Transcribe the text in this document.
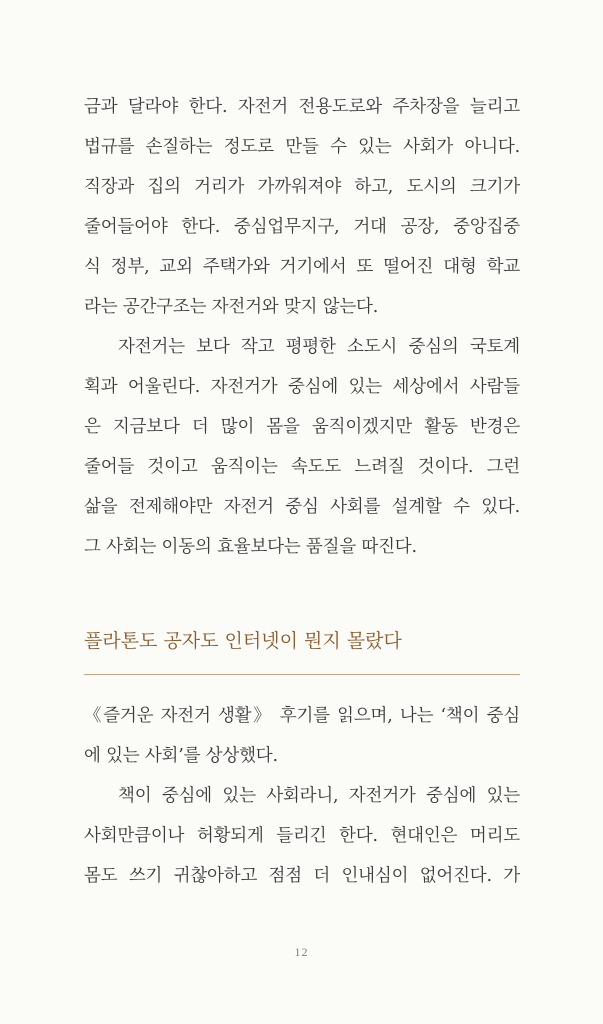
금과 달라야 한다. 자전거 전용도로와 주차장을 늘리고
법규를 손질하는 정도로 만들 수 있는 사회가 아니다.
직장과 집의 거리가 가까워져야 하고, 도시의 크기가
줄어들어야 한다. 중심업무지구, 거대 공장, 중앙집중
식 정부, 교외 주택가와 거기에서 또 떨어진 대형 학교
라는 공간구조는 자전거와 맞지 않는다.
자전거는 보다 작고 평평한 소도시 중심의 국토계
획과 어울린다. 자전거가 중심에 있는 세상에서 사람들
은 지금보다 더 많이 몸을 움직이겠지만 활동 반경은
줄어들 것이고 움직이는 속도도 느려질 것이다. 그런
삶을 전제해야만 자전거 중심 사회를 설계할 수 있다.
그 사회는 이동의 효율보다는 품질을 따진다.
플라톤도 공자도 인터넷이 뭔지 몰랐다
《즐거운 자전거 생활》 후기를 읽으며, 나는 ‘책이 중심
에 있는 사회’를 상상했다.
책이 중심에 있는 사회라니, 자전거가 중심에 있는
사회만큼이나 허황되게 들리긴 한다. 현대인은 머리도
몸도 쓰기 귀찮아하고 점점 더 인내심이 없어진다. 가
12
